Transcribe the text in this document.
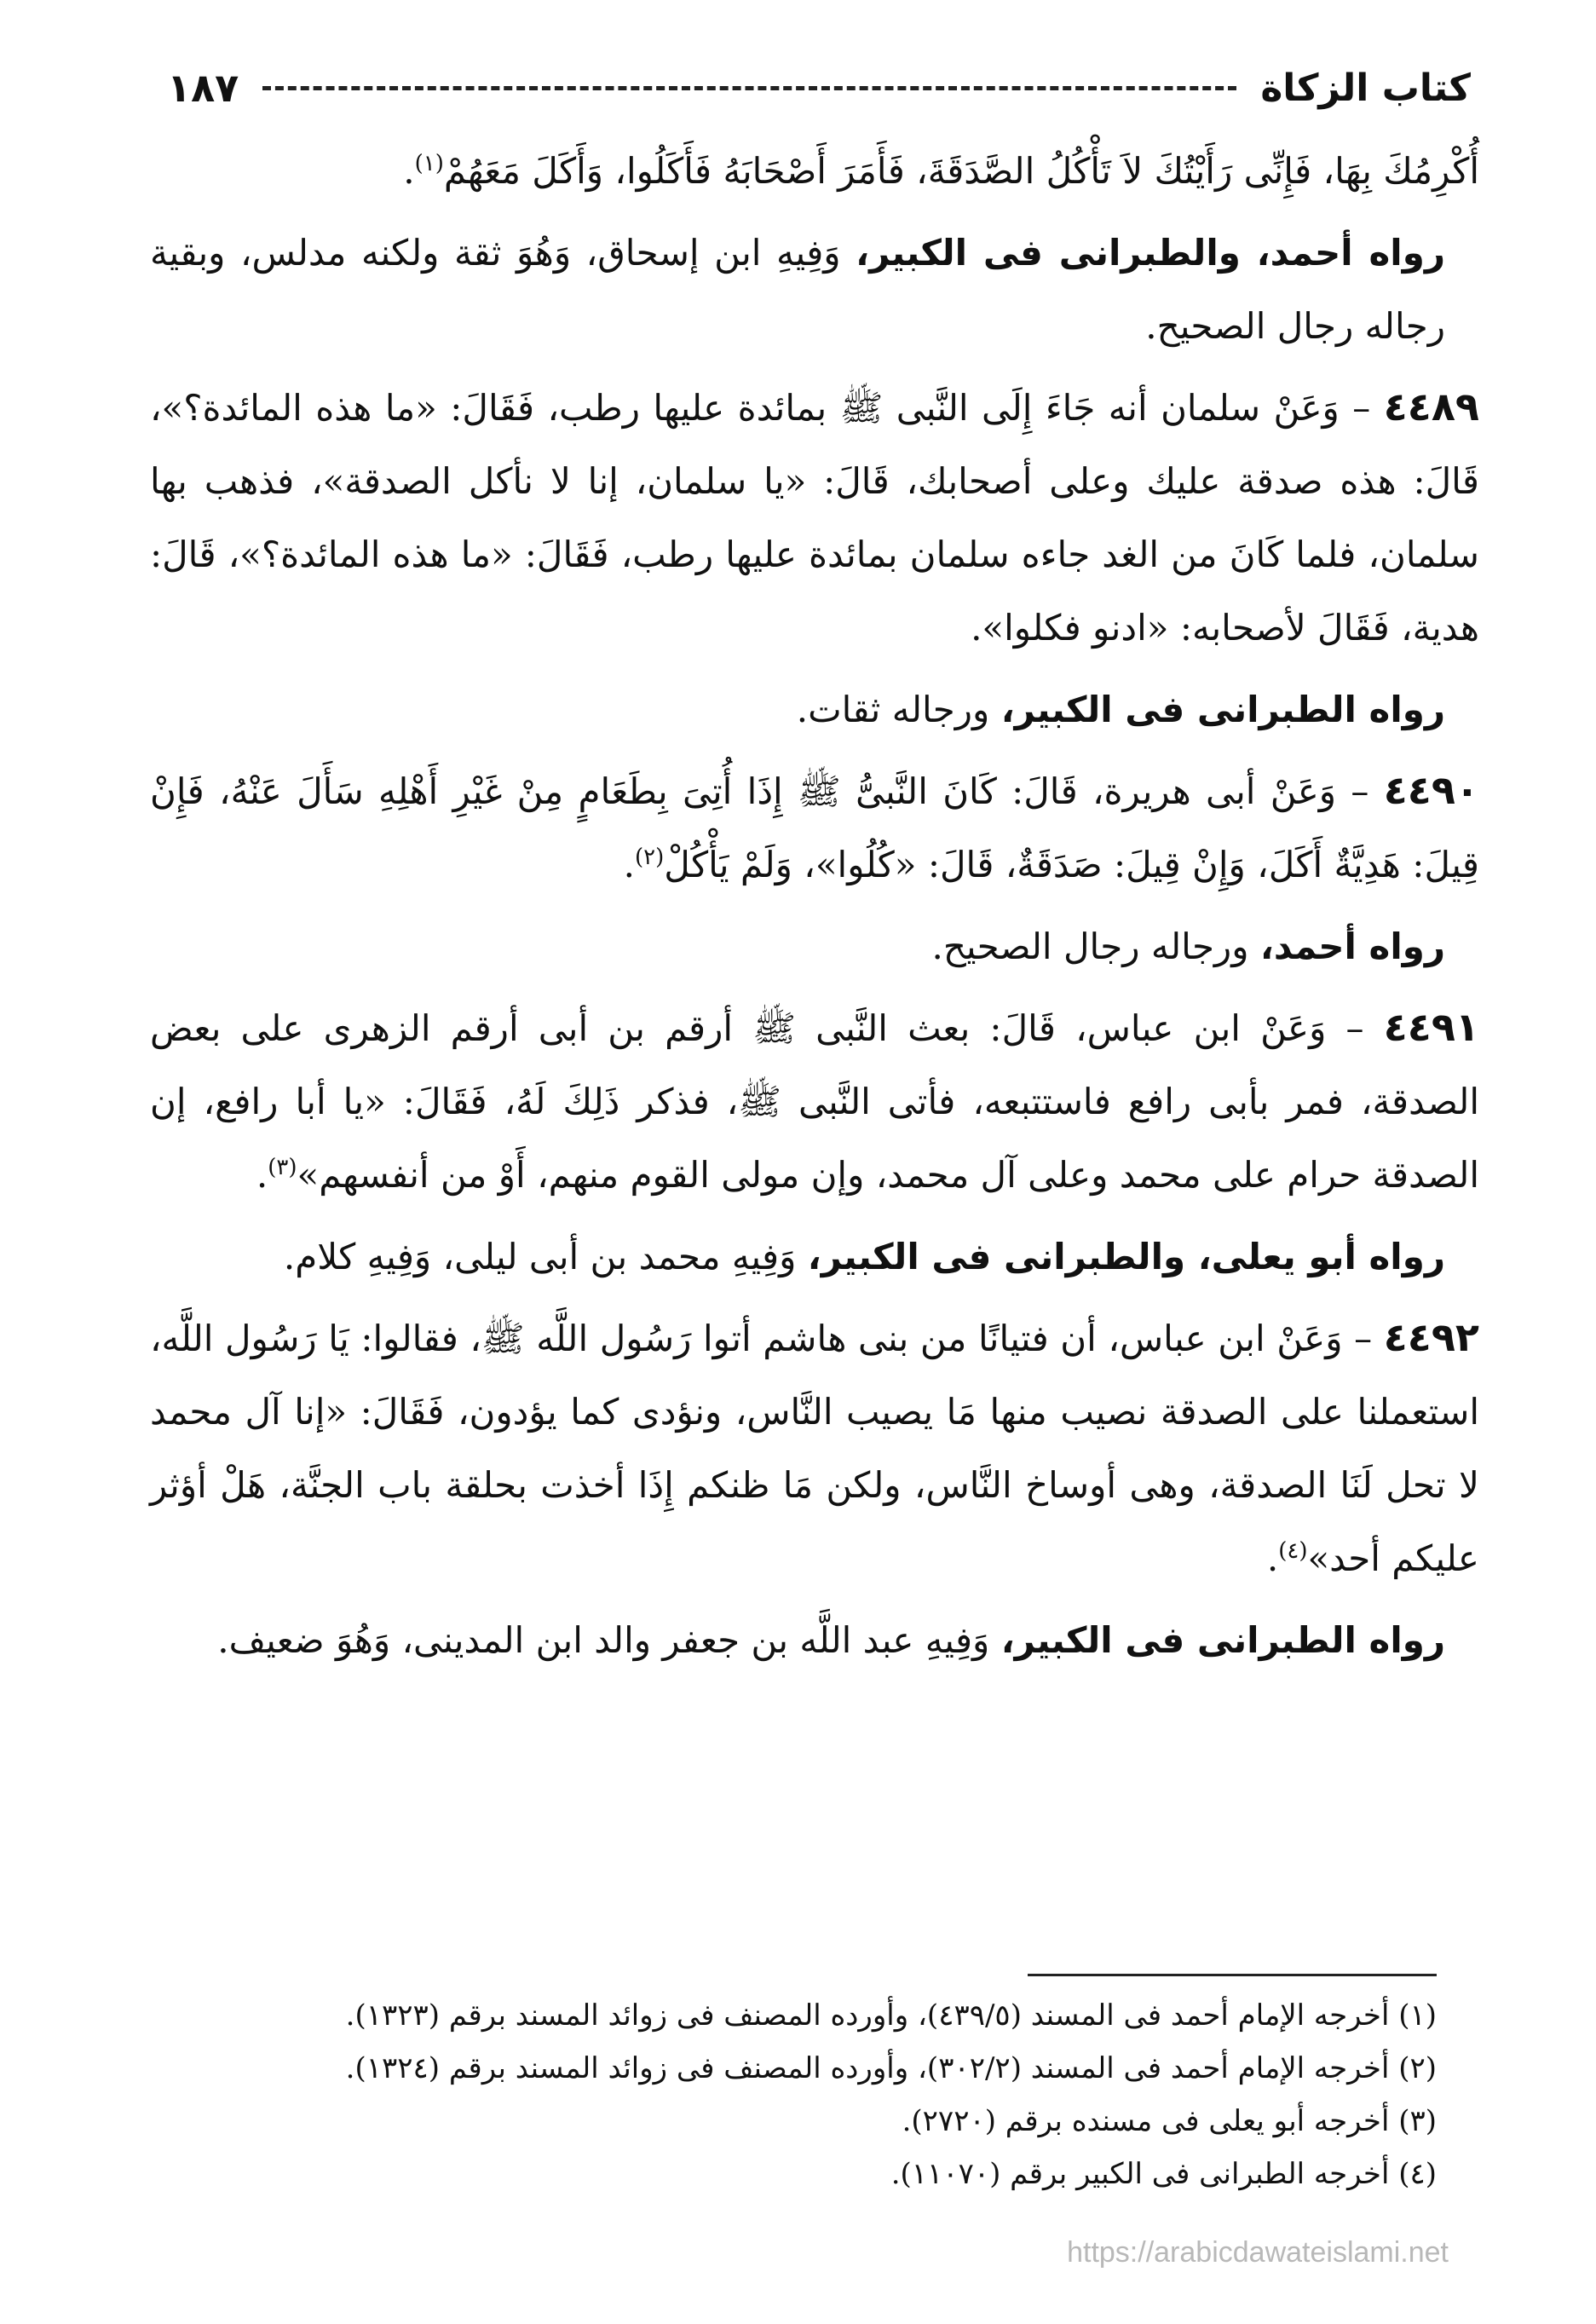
كتاب الزكاة
١٨٧

أُكْرِمُكَ بِهَا، فَإِنِّى رَأَيْتُكَ لاَ تَأْكُلُ الصَّدَقَةَ، فَأَمَرَ أَصْحَابَهُ فَأَكَلُوا، وَأَكَلَ مَعَهُمْ$^{(١)}$.

رواه أحمد، والطبرانى فى الكبير، وَفِيهِ ابن إسحاق، وَهُوَ ثقة ولكنه مدلس، وبقية رجاله رجال الصحيح.

٤٤٨٩ – وَعَنْ سلمان أنه جَاءَ إِلَى النَّبى ﷺ بمائدة عليها رطب، فَقَالَ: «ما هذه المائدة؟»، قَالَ: هذه صدقة عليك وعلى أصحابك، قَالَ: «يا سلمان، إنا لا نأكل الصدقة»، فذهب بها سلمان، فلما كَانَ من الغد جاءه سلمان بمائدة عليها رطب، فَقَالَ: «ما هذه المائدة؟»، قَالَ: هدية، فَقَالَ لأصحابه: «ادنو فكلوا».

رواه الطبرانى فى الكبير، ورجاله ثقات.

٤٤٩٠ – وَعَنْ أبى هريرة، قَالَ: كَانَ النَّبىُّ ﷺ إِذَا أُتِىَ بِطَعَامٍ مِنْ غَيْرِ أَهْلِهِ سَأَلَ عَنْهُ، فَإِنْ قِيلَ: هَدِيَّةٌ أَكَلَ، وَإِنْ قِيلَ: صَدَقَةٌ، قَالَ: «كُلُوا»، وَلَمْ يَأْكُلْ$^{(٢)}$.

رواه أحمد، ورجاله رجال الصحيح.

٤٤٩١ – وَعَنْ ابن عباس، قَالَ: بعث النَّبى ﷺ أرقم بن أبى أرقم الزهرى على بعض الصدقة، فمر بأبى رافع فاستتبعه، فأتى النَّبى ﷺ، فذكر ذَلِكَ لَهُ، فَقَالَ: «يا أبا رافع، إن الصدقة حرام على محمد وعلى آل محمد، وإن مولى القوم منهم، أَوْ من أنفسهم»$^{(٣)}$.

رواه أبو يعلى، والطبرانى فى الكبير، وَفِيهِ محمد بن أبى ليلى، وَفِيهِ كلام.

٤٤٩٢ – وَعَنْ ابن عباس، أن فتيانًا من بنى هاشم أتوا رَسُول اللَّه ﷺ، فقالوا: يَا رَسُول اللَّه، استعملنا على الصدقة نصيب منها مَا يصيب النَّاس، ونؤدى كما يؤدون، فَقَالَ: «إنا آل محمد لا تحل لَنَا الصدقة، وهى أوساخ النَّاس، ولكن مَا ظنكم إِذَا أخذت بحلقة باب الجنَّة، هَلْ أؤثر عليكم أحد»$^{(٤)}$.

رواه الطبرانى فى الكبير، وَفِيهِ عبد اللَّه بن جعفر والد ابن المدينى، وَهُوَ ضعيف.

(١) أخرجه الإمام أحمد فى المسند (٤٣٩/٥)، وأورده المصنف فى زوائد المسند برقم (١٣٢٣).
(٢) أخرجه الإمام أحمد فى المسند (٣٠٢/٢)، وأورده المصنف فى زوائد المسند برقم (١٣٢٤).
(٣) أخرجه أبو يعلى فى مسنده برقم (٢٧٢٠).
(٤) أخرجه الطبرانى فى الكبير برقم (١١٠٧٠).
https://arabicdawateislami.net
